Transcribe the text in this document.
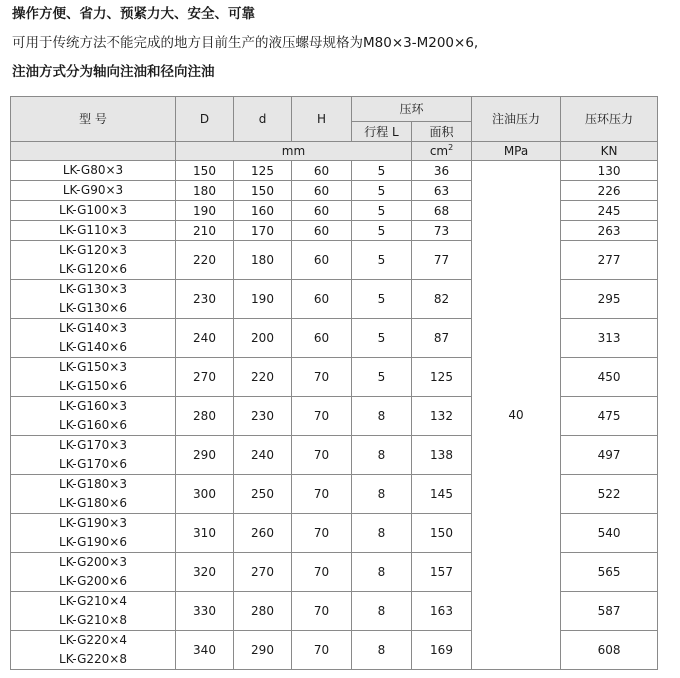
操作方便、省力、预紧力大、安全、可靠

可用于传统方法不能完成的地方目前生产的液压螺母规格为M80×3-M200×6,

注油方式分为轴向注油和径向注油

型 号	D	d	H	压环		注油压力	压环压力
				行程 L	面积		
	mm				$cm^2$	MPa	KN

LK-G80×3	150	125	60	5	36	40	130

LK-G90×3	180	150	60	5	63		226

LK-G100×3	190	160	60	5	68		245

LK-G110×3	210	170	60	5	73		263

LK-G120×3
LK-G120×6	220	180	60	5	77		277

LK-G130×3
LK-G130×6	230	190	60	5	82		295

LK-G140×3
LK-G140×6	240	200	60	5	87		313

LK-G150×3
LK-G150×6	270	220	70	5	125		450

LK-G160×3
LK-G160×6	280	230	70	8	132		475

LK-G170×3
LK-G170×6	290	240	70	8	138		497

LK-G180×3
LK-G180×6	300	250	70	8	145		522

LK-G190×3
LK-G190×6	310	260	70	8	150		540

LK-G200×3
LK-G200×6	320	270	70	8	157		565

LK-G210×4
LK-G210×8	330	280	70	8	163		587

LK-G220×4
LK-G220×8	340	290	70	8	169		608
